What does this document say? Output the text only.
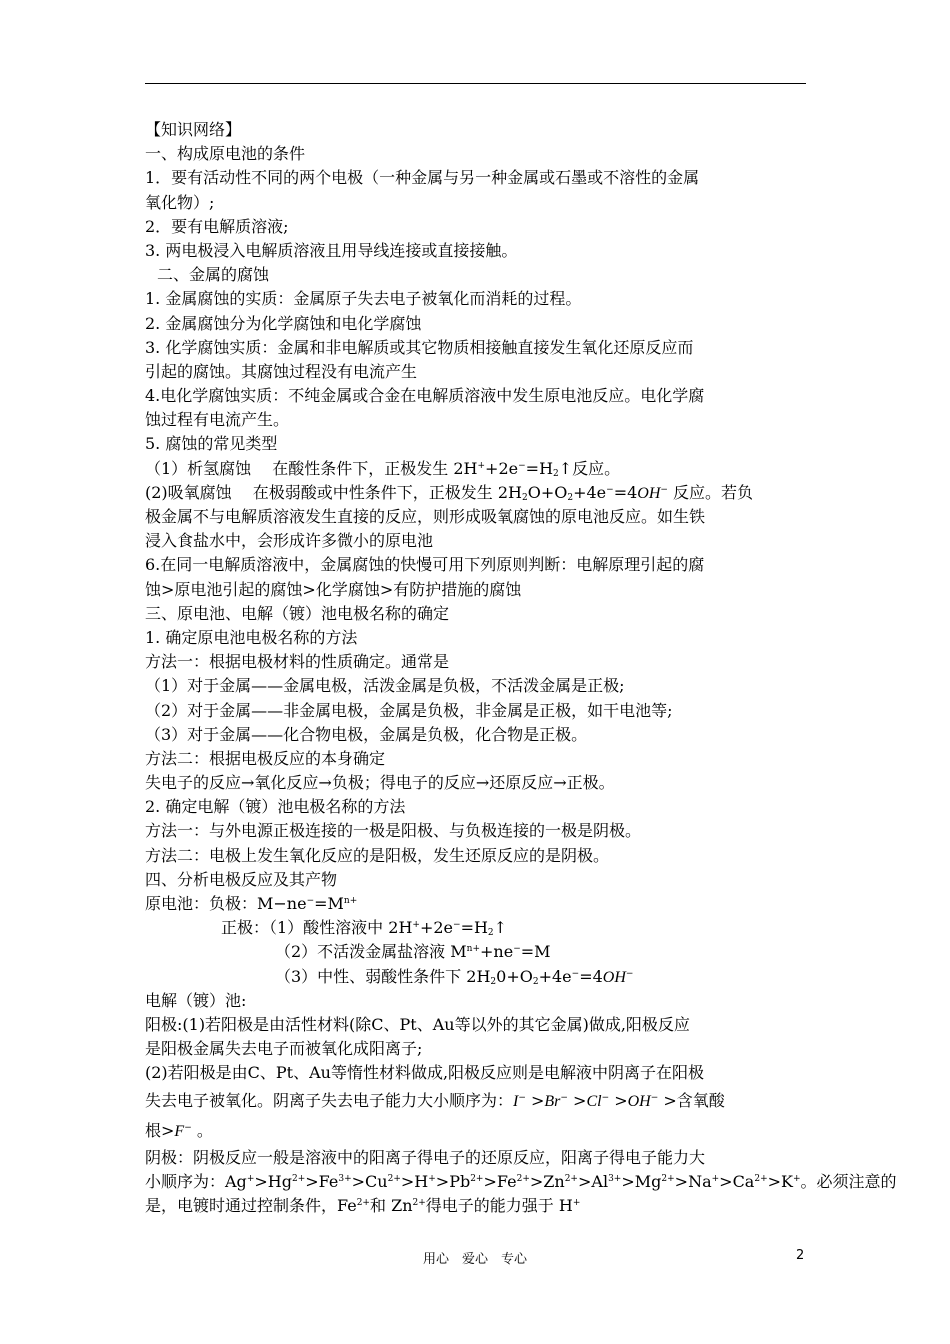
【知识网络】
一、构成原电池的条件
1．要有活动性不同的两个电极（一种金属与另一种金属或石墨或不溶性的金属
氧化物）;
2．要有电解质溶液;
3. 两电极浸入电解质溶液且用导线连接或直接接触。
二、金属的腐蚀
1. 金属腐蚀的实质：金属原子失去电子被氧化而消耗的过程。
2. 金属腐蚀分为化学腐蚀和电化学腐蚀
3. 化学腐蚀实质：金属和非电解质或其它物质相接触直接发生氧化还原反应而
引起的腐蚀。其腐蚀过程没有电流产生
4.电化学腐蚀实质：不纯金属或合金在电解质溶液中发生原电池反应。电化学腐
蚀过程有电流产生。
5. 腐蚀的常见类型
（1）析氢腐蚀　 在酸性条件下，正极发生 $2H^++2e^-=H_2↑$反应。
(2)吸氧腐蚀　 在极弱酸或中性条件下，正极发生 $2H_2O+O_2+4e^-=4OH^-$ 反应。若负
极金属不与电解质溶液发生直接的反应，则形成吸氧腐蚀的原电池反应。如生铁
浸入食盐水中，会形成许多微小的原电池
6.在同一电解质溶液中，金属腐蚀的快慢可用下列原则判断：电解原理引起的腐
蚀>原电池引起的腐蚀>化学腐蚀>有防护措施的腐蚀
三、原电池、电解（镀）池电极名称的确定
1. 确定原电池电极名称的方法
方法一：根据电极材料的性质确定。通常是
（1）对于金属——金属电极，活泼金属是负极，不活泼金属是正极;
（2）对于金属——非金属电极，金属是负极，非金属是正极，如干电池等;
（3）对于金属——化合物电极，金属是负极，化合物是正极。
方法二：根据电极反应的本身确定
失电子的反应→氧化反应→负极；得电子的反应→还原反应→正极。
2. 确定电解（镀）池电极名称的方法
方法一：与外电源正极连接的一极是阳极、与负极连接的一极是阴极。
方法二：电极上发生氧化反应的是阳极，发生还原反应的是阴极。
四、分析电极反应及其产物
原电池：负极：$M-ne^-=M^{n+}$
正极：（1）酸性溶液中 $2H^++2e^-=H_2↑$
（2）不活泼金属盐溶液 $M^{n+}+ne^-=M$
（3）中性、弱酸性条件下 $2H_20+O_2+4e^-=4OH^-$
电解（镀）池:
阳极:(1)若阳极是由活性材料(除C、Pt、Au等以外的其它金属)做成,阳极反应
是阳极金属失去电子而被氧化成阳离子;
(2)若阳极是由C、Pt、Au等惰性材料做成,阳极反应则是电解液中阴离子在阳极
失去电子被氧化。阴离子失去电子能力大小顺序为：I− >Br− >Cl− >OH− >含氧酸
根>F− 。
阴极：阴极反应一般是溶液中的阳离子得电子的还原反应，阳离子得电子能力大
小顺序为：$Ag^+>Hg^{2+}>Fe^{3+}>Cu^{2+}>H^+>Pb^{2+}>Fe^{2+}>Zn^{2+}>Al^{3+}>Mg^{2+}>Na^+>Ca^{2+}>K^+$。必须注意的
是，电镀时通过控制条件，$Fe^{2+}$和 $Zn^{2+}$得电子的能力强于 H+
用心　爱心　专心	2
